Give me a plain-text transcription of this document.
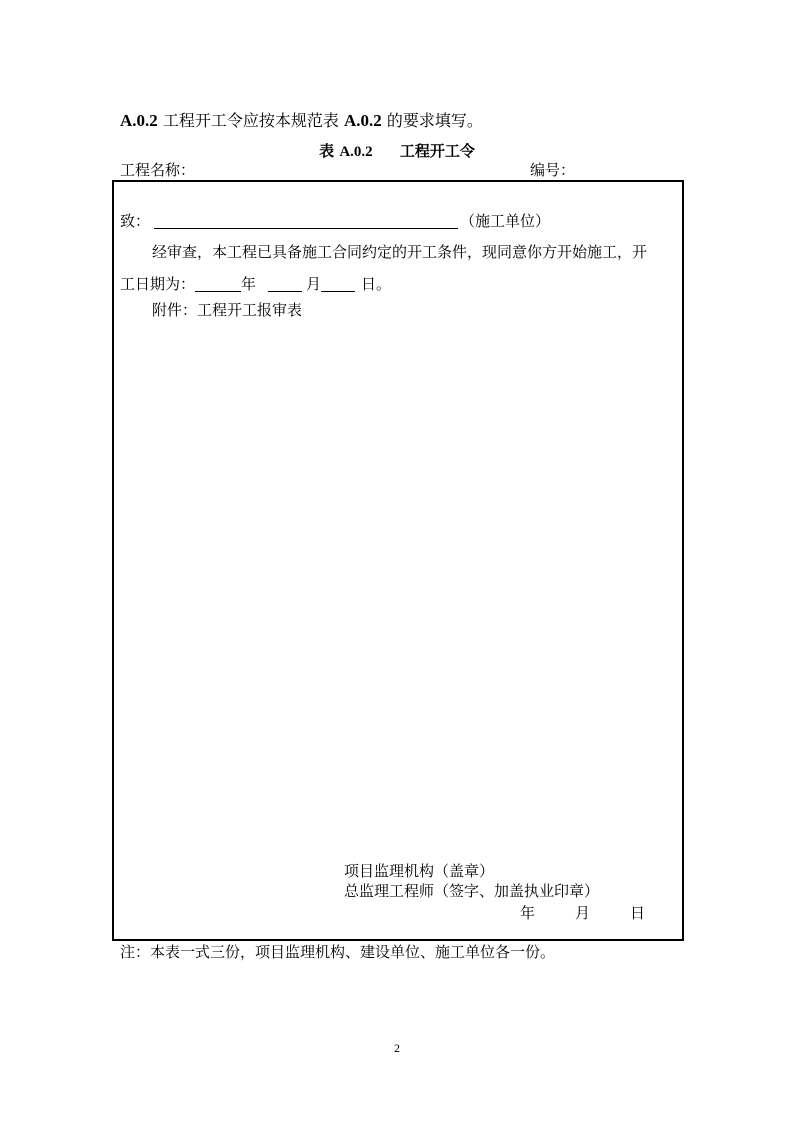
A.0.2 工程开工令应按本规范表 A.0.2 的要求填写。
表 A.0.2 工程开工令
工程名称：	编号：
致：	（施工单位）
经审查，本工程已具备施工合同约定的开工条件，现同意你方开始施工，开
工日期为：	年	月	日。
附件：工程开工报审表
项目监理机构（盖章）
总监理工程师（签字、加盖执业印章）
年	月	日
注：本表一式三份，项目监理机构、建设单位、施工单位各一份。
2
